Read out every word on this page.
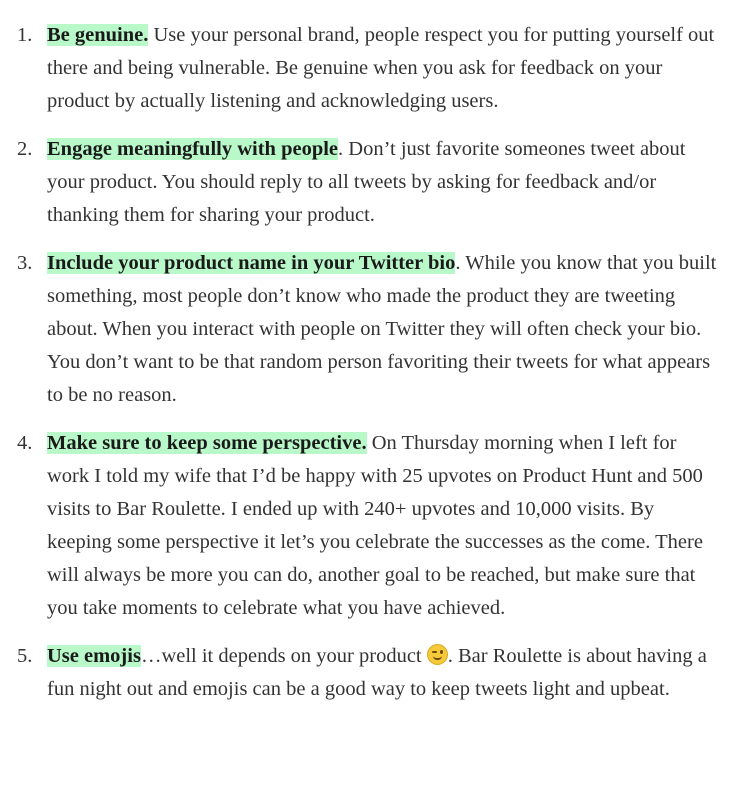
1. Be genuine. Use your personal brand, people respect you for putting yourself out there and being vulnerable. Be genuine when you ask for feedback on your product by actually listening and acknowledging users.
2. Engage meaningfully with people. Don’t just favorite someones tweet about your product. You should reply to all tweets by asking for feedback and/or thanking them for sharing your product.
3. Include your product name in your Twitter bio. While you know that you built something, most people don’t know who made the product they are tweeting about. When you interact with people on Twitter they will often check your bio. You don’t want to be that random person favoriting their tweets for what appears to be no reason.
4. Make sure to keep some perspective. On Thursday morning when I left for work I told my wife that I’d be happy with 25 upvotes on Product Hunt and 500 visits to Bar Roulette. I ended up with 240+ upvotes and 10,000 visits. By keeping some perspective it let’s you celebrate the successes as the come. There will always be more you can do, another goal to be reached, but make sure that you take moments to celebrate what you have achieved.
5. Use emojis…well it depends on your product
. Bar Roulette is about having a fun night out and emojis can be a good way to keep tweets light and upbeat.
